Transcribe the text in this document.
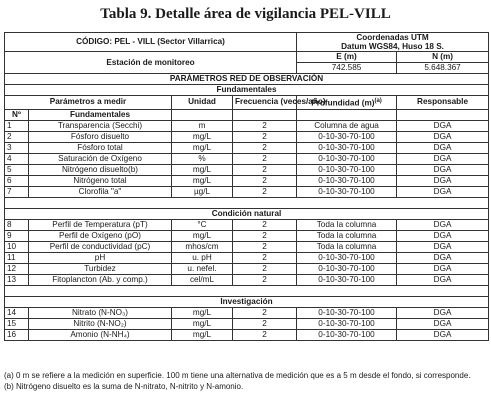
Tabla 9. Detalle área de vigilancia PEL-VILL
CÓDIGO: PEL - VILL (Sector Villarrica)				Coordenadas UTM
Datum WGS84, Huso 18 S.	
Estación de monitoreo				E (m)	N (m)
				742.585	5.648.367
PARÁMETROS RED DE OBSERVACIÓN					
Fundamentales					
Parámetros a medir		Unidad	Frecuencia (veces/año)	Profundidad $(m)^{(a)}$	Responsable

Nº	Fundamentales				
1	Transparencia (Secchi)	m	2	Columna de agua	DGA
2	Fósforo disuelto	mg/L	2	0-10-30-70-100	DGA
3	Fósforo total	mg/L	2	0-10-30-70-100	DGA
4	Saturación de Oxígeno	%	2	0-10-30-70-100	DGA
5	Nitrógeno disuelto(b)	mg/L	2	0-10-30-70-100	DGA
6	Nitrógeno total	mg/L	2	0-10-30-70-100	DGA
7	Clorofila "a"	µg/L	2	0-10-30-70-100	DGA

Condición natural					
8	Perfil de Temperatura (pT)	°C	2	Toda la columna	DGA
9	Perfil de Oxígeno (pO)	mg/L	2	Toda la columna	DGA
10	Perfil de conductividad (pC)	mhos/cm	2	Toda la columna	DGA
11	pH	u. pH	2	0-10-30-70-100	DGA
12	Turbidez	u. nefel.	2	0-10-30-70-100	DGA
13	Fitoplancton (Ab. y comp.)	cel/mL	2	0-10-30-70-100	DGA

Investigación					
14	Nitrato (N-NO₃)	mg/L	2	0-10-30-70-100	DGA
15	Nitrito (N-NO₂)	mg/L	2	0-10-30-70-100	DGA
16	Amonio (N-NH₄)	mg/L	2	0-10-30-70-100	DGA
(a) 0 m se refiere a la medición en superficie. 100 m tiene una alternativa de medición que es a 5 m desde el fondo, si corresponde.
(b) Nitrógeno disuelto es la suma de N-nitrato, N-nitrito y N-amonio.
